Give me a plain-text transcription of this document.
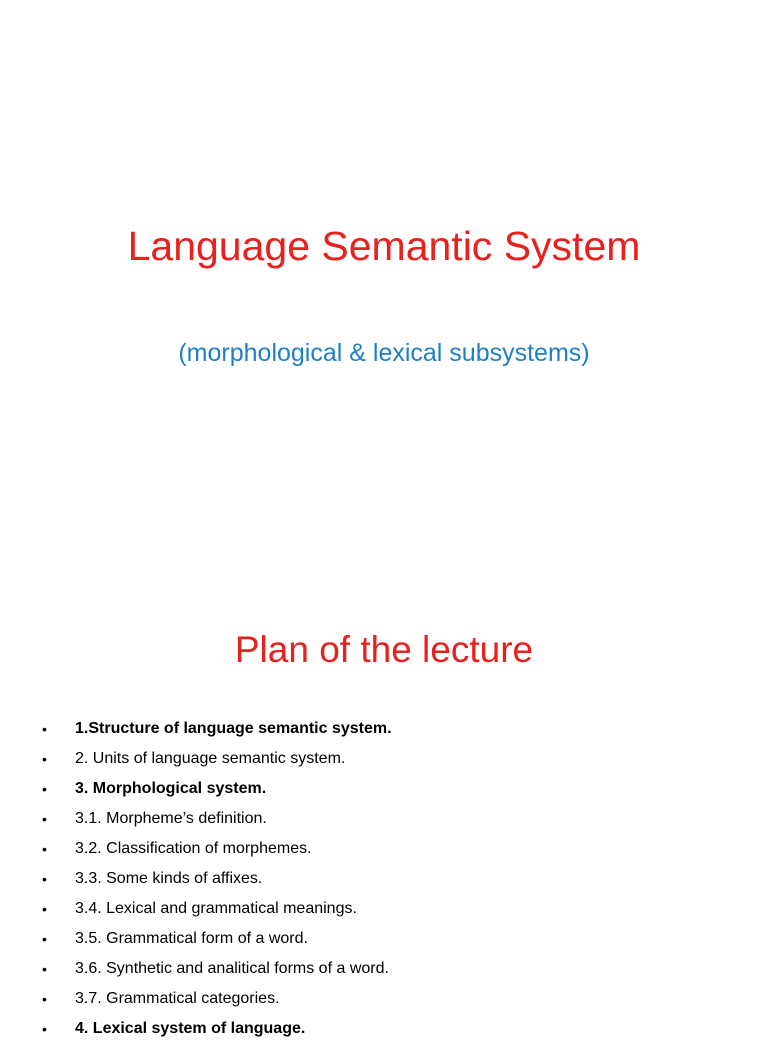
Language Semantic System
(morphological & lexical subsystems)
Plan of the lecture
• 1.Structure of language semantic system.
• 2. Units of language semantic system.
• 3. Morphological system.
• 3.1. Morpheme’s definition.
• 3.2. Classification of morphemes.
• 3.3. Some kinds of affixes.
• 3.4. Lexical and grammatical meanings.
• 3.5. Grammatical form of a word.
• 3.6. Synthetic and analitical forms of a word.
• 3.7. Grammatical categories.
• 4. Lexical system of language.
